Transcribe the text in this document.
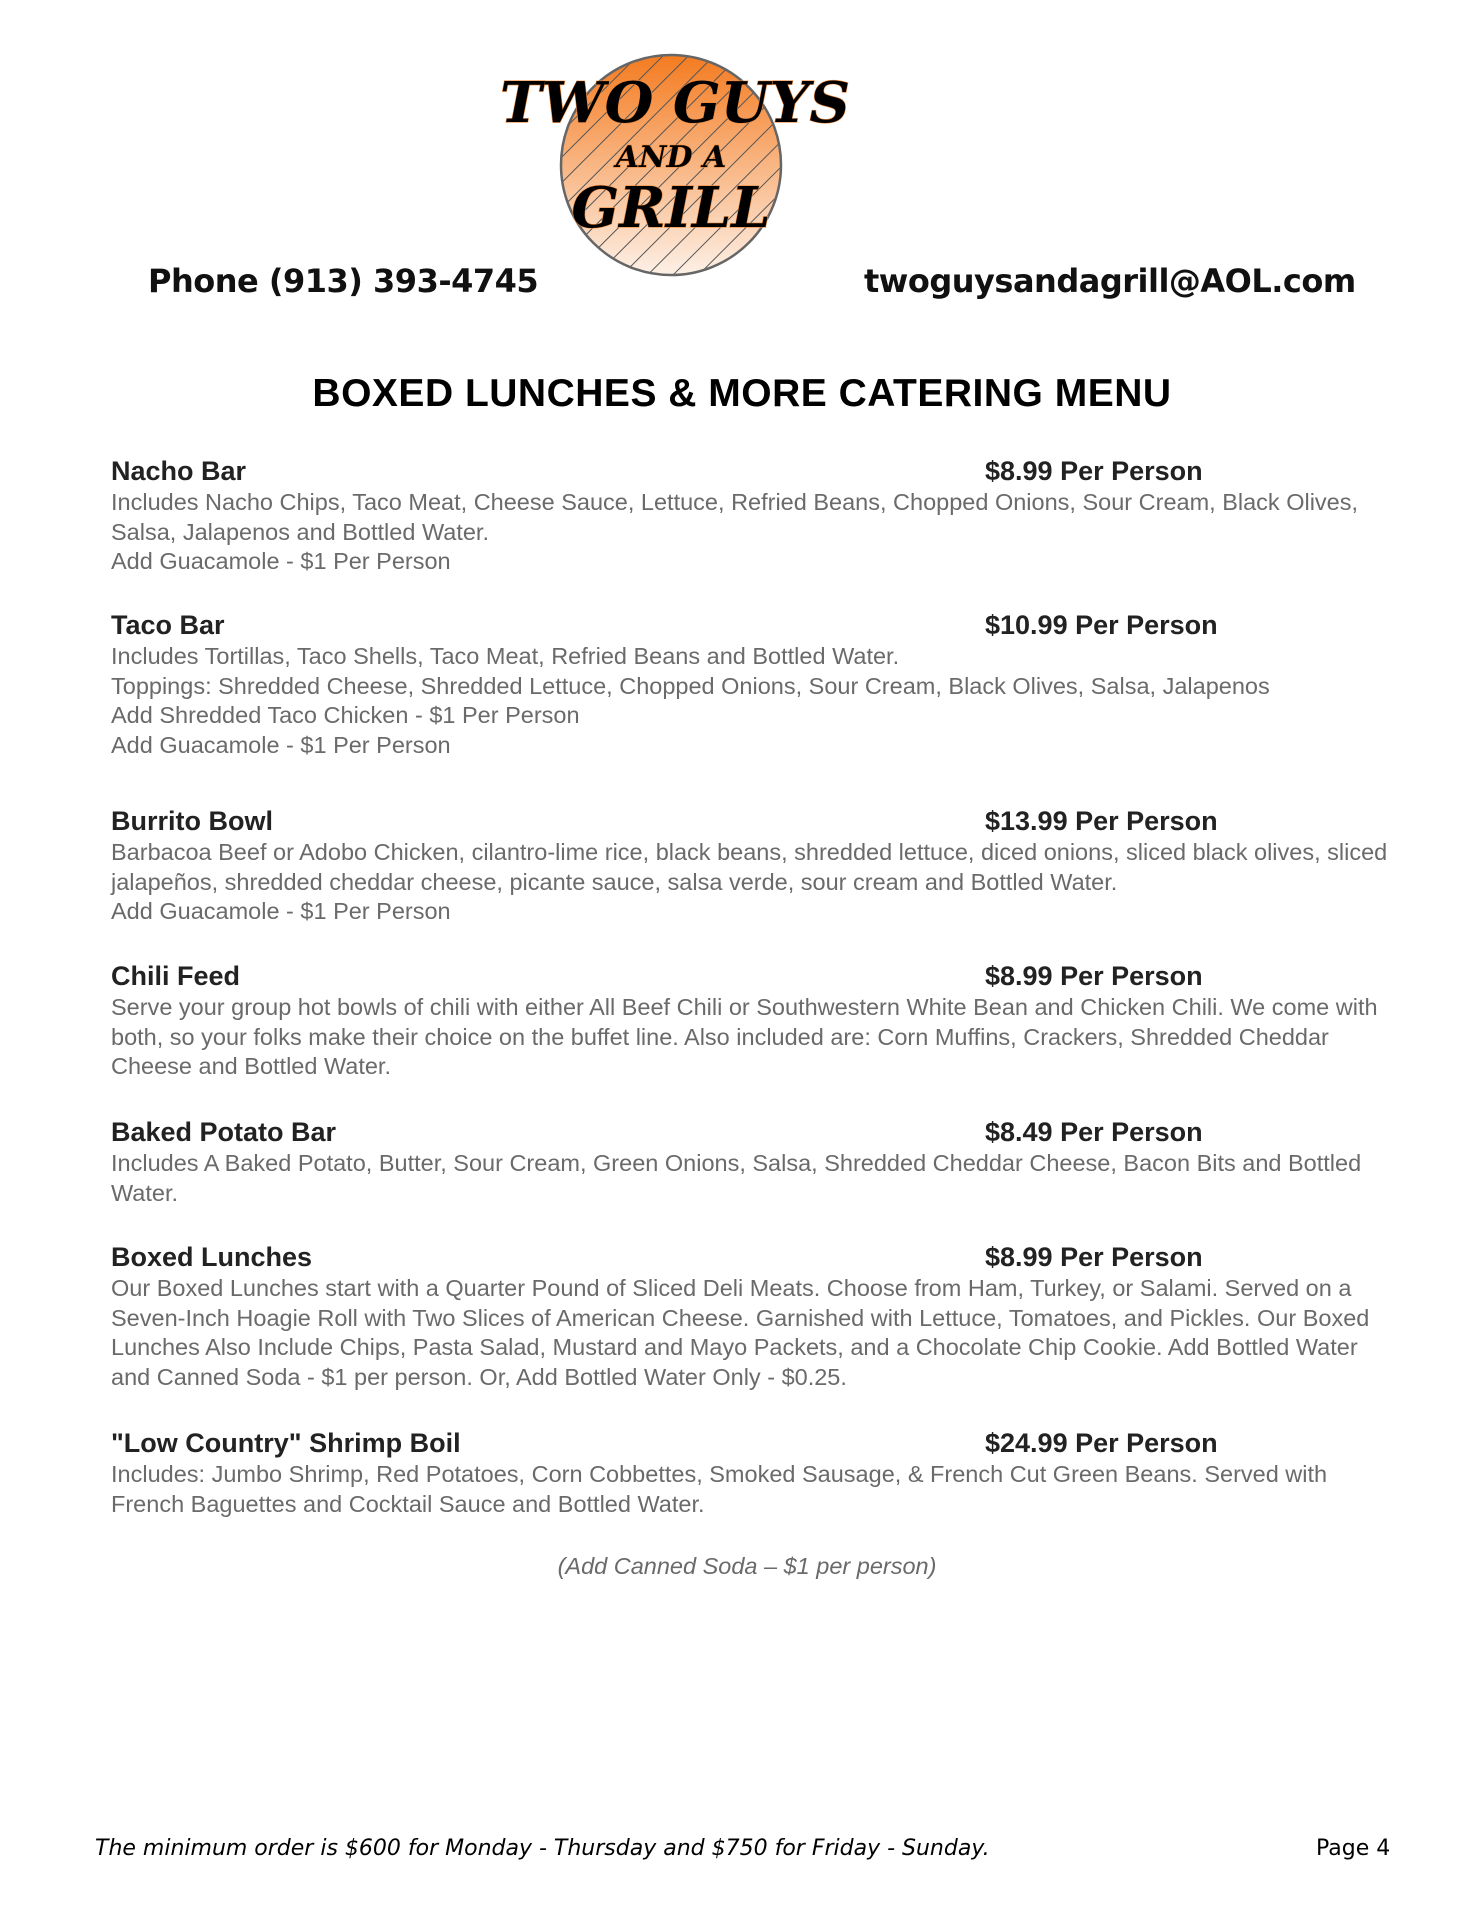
TWO GUYS
AND A
GRILL
Phone (913) 393-4745	twoguysandagrill@AOL.com
BOXED LUNCHES & MORE CATERING MENU
Nacho Bar	$8.99 Per Person
Includes Nacho Chips, Taco Meat, Cheese Sauce, Lettuce, Refried Beans, Chopped Onions, Sour Cream, Black Olives, Salsa, Jalapenos and Bottled Water.
Add Guacamole - $1 Per Person
Taco Bar	$10.99 Per Person
Includes Tortillas, Taco Shells, Taco Meat, Refried Beans and Bottled Water.
Toppings: Shredded Cheese, Shredded Lettuce, Chopped Onions, Sour Cream, Black Olives, Salsa, Jalapenos
Add Shredded Taco Chicken - $1 Per Person
Add Guacamole - $1 Per Person
Burrito Bowl	$13.99 Per Person
Barbacoa Beef or Adobo Chicken, cilantro-lime rice, black beans, shredded lettuce, diced onions, sliced black olives, sliced jalapeños, shredded cheddar cheese, picante sauce, salsa verde, sour cream and Bottled Water.
Add Guacamole - $1 Per Person
Chili Feed	$8.99 Per Person
Serve your group hot bowls of chili with either All Beef Chili or Southwestern White Bean and Chicken Chili. We come with both, so your folks make their choice on the buffet line. Also included are: Corn Muffins, Crackers, Shredded Cheddar Cheese and Bottled Water.
Baked Potato Bar	$8.49 Per Person
Includes A Baked Potato, Butter, Sour Cream, Green Onions, Salsa, Shredded Cheddar Cheese, Bacon Bits and Bottled Water.
Boxed Lunches	$8.99 Per Person
Our Boxed Lunches start with a Quarter Pound of Sliced Deli Meats. Choose from Ham, Turkey, or Salami. Served on a Seven-Inch Hoagie Roll with Two Slices of American Cheese. Garnished with Lettuce, Tomatoes, and Pickles. Our Boxed Lunches Also Include Chips, Pasta Salad, Mustard and Mayo Packets, and a Chocolate Chip Cookie. Add Bottled Water and Canned Soda - $1 per person. Or, Add Bottled Water Only - $0.25.
"Low Country" Shrimp Boil	$24.99 Per Person
Includes: Jumbo Shrimp, Red Potatoes, Corn Cobbettes, Smoked Sausage, & French Cut Green Beans. Served with French Baguettes and Cocktail Sauce and Bottled Water.
(Add Canned Soda – $1 per person)
The minimum order is $600 for Monday - Thursday and $750 for Friday - Sunday.	Page 4
